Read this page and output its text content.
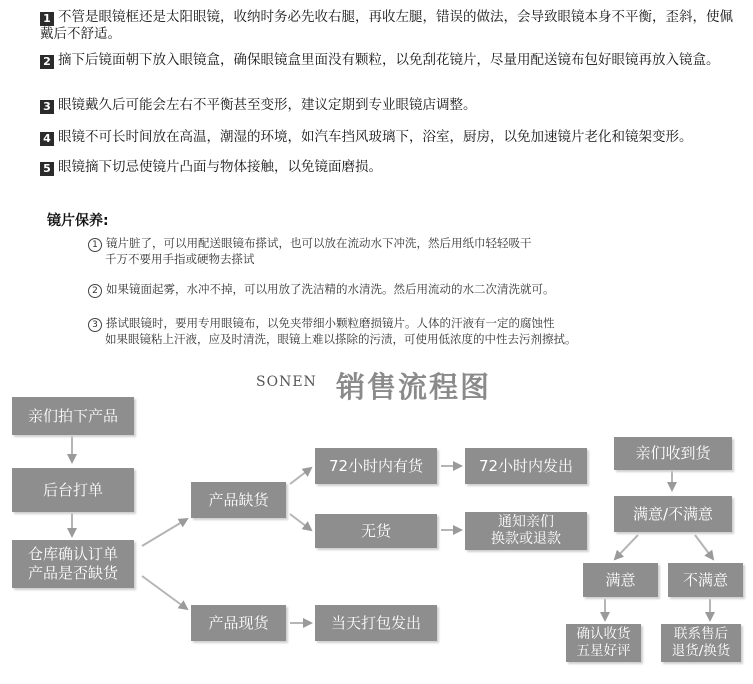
1 不管是眼镜框还是太阳眼镜，收纳时务必先收右腿，再收左腿，错误的做法，会导致眼镜本身不平衡，歪斜，使佩戴后不舒适。
2 摘下后镜面朝下放入眼镜盒，确保眼镜盒里面没有颗粒，以免刮花镜片，尽量用配送镜布包好眼镜再放入镜盒。
3 眼镜戴久后可能会左右不平衡甚至变形，建议定期到专业眼镜店调整。
4 眼镜不可长时间放在高温，潮湿的环境，如汽车挡风玻璃下，浴室，厨房，以免加速镜片老化和镜架变形。
5 眼镜摘下切忌使镜片凸面与物体接触，以免镜面磨损。
镜片保养:
1 镜片脏了，可以用配送眼镜布搽试，也可以放在流动水下冲洗，然后用纸巾轻轻吸干
千万不要用手指或硬物去搽试
2 如果镜面起雾，水冲不掉，可以用放了洗洁精的水清洗。然后用流动的水二次清洗就可。
3 搽试眼镜时，要用专用眼镜布，以免夹带细小颗粒磨损镜片。人体的汗液有一定的腐蚀性
如果眼镜粘上汗液，应及时清洗，眼镜上难以搽除的污渍，可使用低浓度的中性去污剂擦拭。
SONEN 销售流程图
亲们拍下产品
后台打单
仓库确认订单
产品是否缺货
产品缺货
产品现货
72小时内有货	72小时内发出
无货	通知亲们
换款或退款
当天打包发出
亲们收到货
满意/不满意
满意	不满意
确认收货
五星好评
联系售后
退货/换货
